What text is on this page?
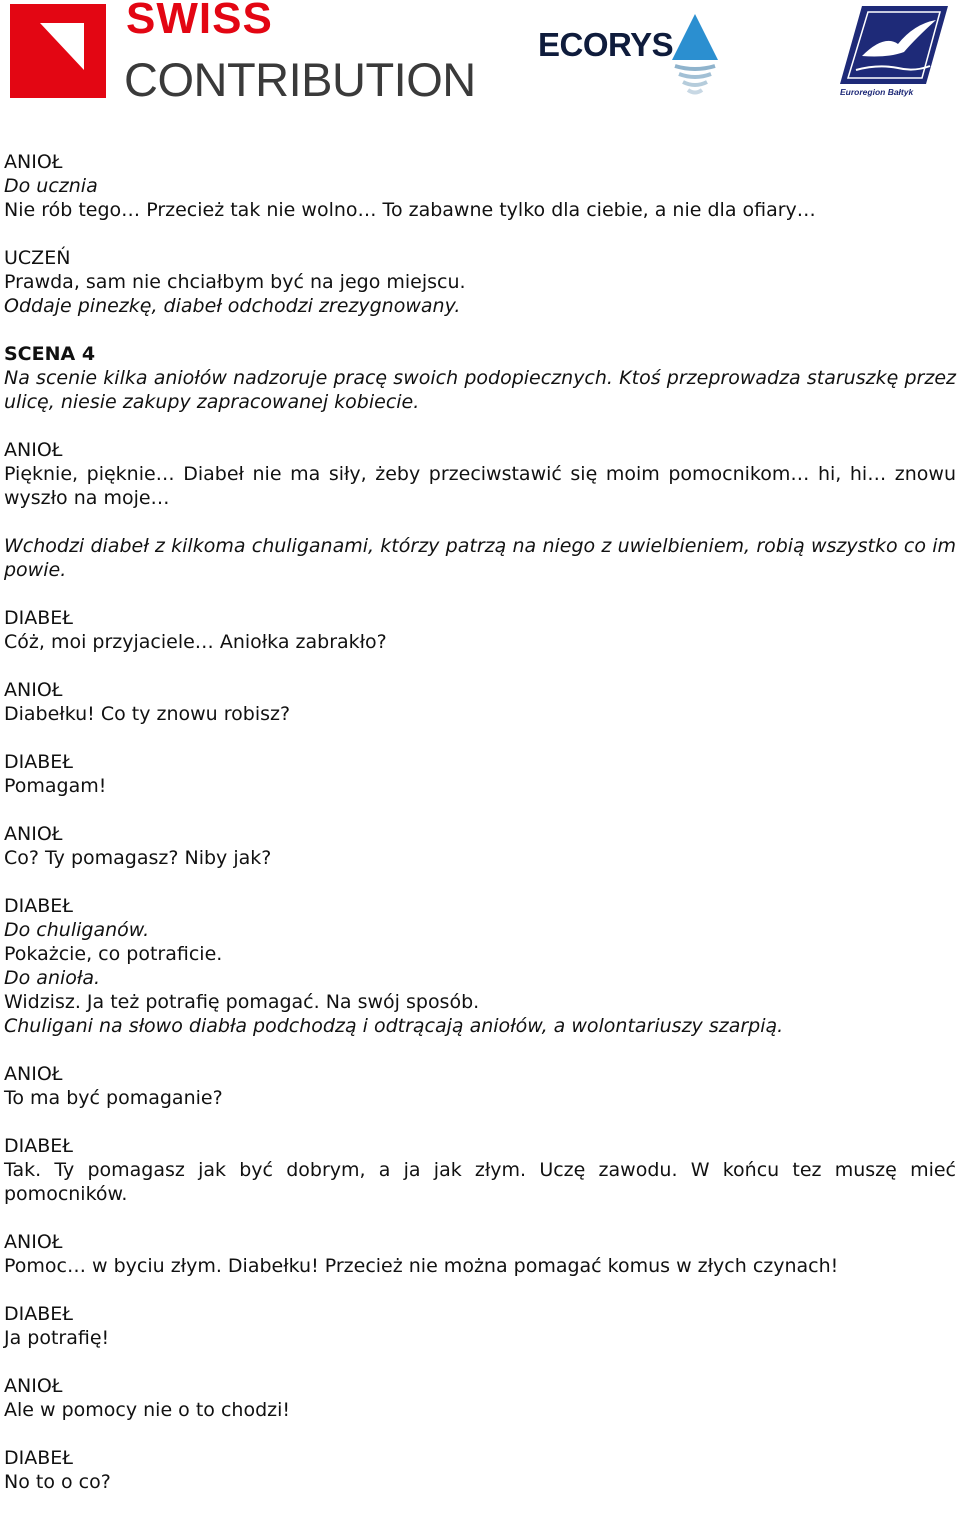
SWISS
CONTRIBUTION
ECORYS
Euroregion Bałtyk

ANIOŁ

Do ucznia

Nie rób tego… Przecież tak nie wolno… To zabawne tylko dla ciebie, a nie dla ofiary…

UCZEŃ

Prawda, sam nie chciałbym być na jego miejscu.

Oddaje pinezkę, diabeł odchodzi zrezygnowany.

SCENA 4

Na scenie kilka aniołów nadzoruje pracę swoich podopiecznych. Ktoś przeprowadza staruszkę przez ulicę, niesie zakupy zapracowanej kobiecie.

ANIOŁ

Pięknie, pięknie… Diabeł nie ma siły, żeby przeciwstawić się moim pomocnikom… hi, hi… znowu wyszło na moje…

Wchodzi diabeł z kilkoma chuliganami, którzy patrzą na niego z uwielbieniem, robią wszystko co im powie.

DIABEŁ

Cóż, moi przyjaciele… Aniołka zabrakło?

ANIOŁ

Diabełku! Co ty znowu robisz?

DIABEŁ

Pomagam!

ANIOŁ

Co? Ty pomagasz? Niby jak?

DIABEŁ

Do chuliganów.

Pokażcie, co potraficie.

Do anioła.

Widzisz. Ja też potrafię pomagać. Na swój sposób.

Chuligani na słowo diabła podchodzą i odtrącają aniołów, a wolontariuszy szarpią.

ANIOŁ

To ma być pomaganie?

DIABEŁ

Tak. Ty pomagasz jak być dobrym, a ja jak złym. Uczę zawodu. W końcu tez muszę mieć pomocników.

ANIOŁ

Pomoc… w byciu złym. Diabełku! Przecież nie można pomagać komus w złych czynach!

DIABEŁ

Ja potrafię!

ANIOŁ

Ale w pomocy nie o to chodzi!

DIABEŁ

No to o co?
